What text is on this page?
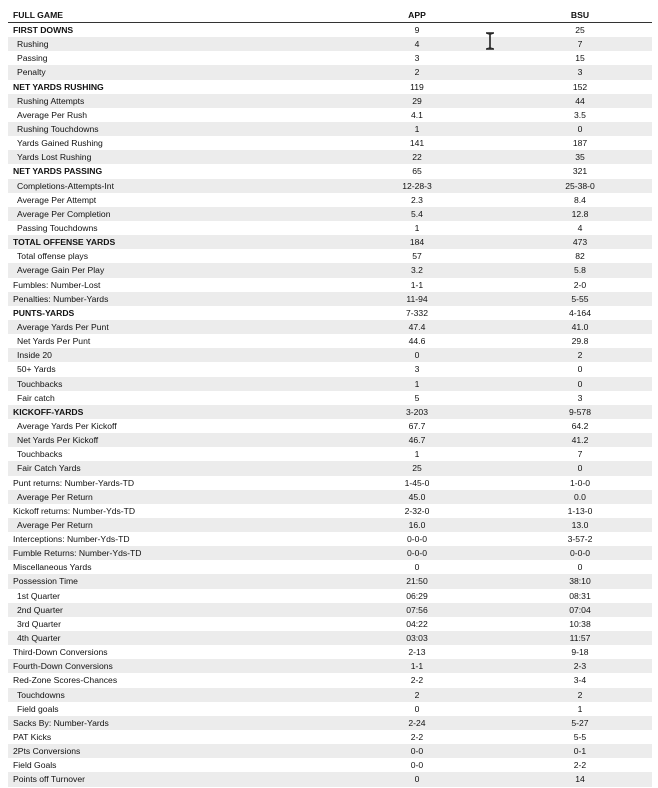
FULL GAME	APP	BSU
FIRST DOWNS	9	25
Rushing	4	7
Passing	3	15
Penalty	2	3
NET YARDS RUSHING	119	152
Rushing Attempts	29	44
Average Per Rush	4.1	3.5
Rushing Touchdowns	1	0
Yards Gained Rushing	141	187
Yards Lost Rushing	22	35
NET YARDS PASSING	65	321
Completions-Attempts-Int	12-28-3	25-38-0
Average Per Attempt	2.3	8.4
Average Per Completion	5.4	12.8
Passing Touchdowns	1	4
TOTAL OFFENSE YARDS	184	473
Total offense plays	57	82
Average Gain Per Play	3.2	5.8
Fumbles: Number-Lost	1-1	2-0
Penalties: Number-Yards	11-94	5-55
PUNTS-YARDS	7-332	4-164
Average Yards Per Punt	47.4	41.0
Net Yards Per Punt	44.6	29.8
Inside 20	0	2
50+ Yards	3	0
Touchbacks	1	0
Fair catch	5	3
KICKOFF-YARDS	3-203	9-578
Average Yards Per Kickoff	67.7	64.2
Net Yards Per Kickoff	46.7	41.2
Touchbacks	1	7
Fair Catch Yards	25	0
Punt returns: Number-Yards-TD	1-45-0	1-0-0
Average Per Return	45.0	0.0
Kickoff returns: Number-Yds-TD	2-32-0	1-13-0
Average Per Return	16.0	13.0
Interceptions: Number-Yds-TD	0-0-0	3-57-2
Fumble Returns: Number-Yds-TD	0-0-0	0-0-0
Miscellaneous Yards	0	0
Possession Time	21:50	38:10
1st Quarter	06:29	08:31
2nd Quarter	07:56	07:04
3rd Quarter	04:22	10:38
4th Quarter	03:03	11:57
Third-Down Conversions	2-13	9-18
Fourth-Down Conversions	1-1	2-3
Red-Zone Scores-Chances	2-2	3-4
Touchdowns	2	2
Field goals	0	1
Sacks By: Number-Yards	2-24	5-27
PAT Kicks	2-2	5-5
2Pts Conversions	0-0	0-1
Field Goals	0-0	2-2
Points off Turnover	0	14
